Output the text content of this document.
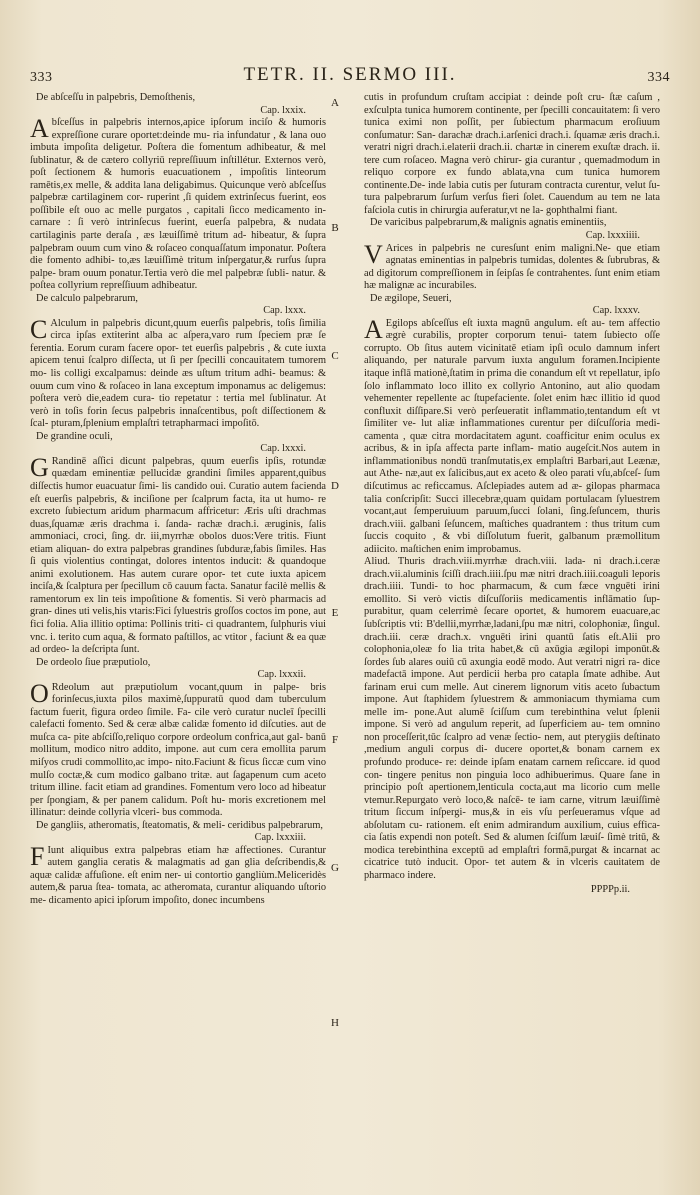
333	TETR. II. SERMO III.	334

De abſceſſu in palpebris, Demoſthenis,

Cap. lxxix.

Abſceſſus in palpebris internos,apice ipſorum inciſo & humoris expreſſione curare oportet:deinde mu- ria infundatur , & lana ouo imbuta impoſita deligetur. Poſtera die fomentum adhibeatur, & mel ſublinatur, & de cætero collyriū repreſſiuum inſtillétur. Externos verò, poſt ſectionem & humoris euacuationem , impoſitis linteorum ramētis,ex melle, & addita lana deligabimus. Quicunque verò abſceſſus palpebræ cartilaginem cor- ruperint ,ſi quidem extrinſecus fuerint, eos poſſibile eſt ouo ac melle purgatos , capitali ſicco medicamento in- carnare : ſi verò intrinſecus fuerint, euerſa palpebra, & nudata cartilaginis parte deraſa , æs læuiſſimè tritum ad- hibeatur, & ſupra palpebram ouum cum vino & roſaceo conquaſſatum imponatur. Poſtera die fomento adhibi- to,æs læuiſſimè tritum inſpergatur,& rurſus ſupra palpe- bram ouum ponatur.Tertia verò die mel palpebræ ſubli- natur. & poſtea collyrium repreſſiuum adhibeatur.

De calculo palpebrarum,

Cap. lxxx.

C Alculum in palpebris dicunt,quum euerſis palpebris, toſis ſimilia circa ipſas extiterint alba ac aſpera,varo rum ſpeciem præ ſe ferentia. Eorum curam facere opor- tet euerſis palpebris , & cute iuxta apicem tenui ſcalpro diſſecta, ut ſi per ſpecilli concauitatem tumorem mo- lis colligi excalpamus: deinde æs uſtum tritum adhi- beamus: & ouum cum vino & roſaceo in lana exceptum imponamus ac deligemus: poſtera verò die,eadem cura- tio repetatur : tertia mel ſublinatur. At verò in toſis forin ſecus palpebris innaſcentibus, poſt diſſectionem & ſcal- pturam,ſplenium emplaſtri tetrapharmaci impoſitō.

De grandine oculi,

Cap. lxxxi.

G Randinē aſſici dicunt palpebras, quum euerſis ipſis, rotundæ quædam eminentiæ pellucidæ grandini ſimiles apparent,quibus diſſectis humor euacuatur ſimi- lis candido oui. Curatio autem facienda eſt euerſis palpebris, & inciſione per ſcalprum facta, ita ut humo- re excreto ſubiectum aridum pharmacum affricetur: Æris uſti drachmas duas,ſquamæ æris drachma i. ſanda- rachæ drach.i. æruginis, ſalis ammoniaci, croci, ſing. dr. iii,myrrhæ obolos duos:Vere tritis. Fiunt etiam aliquan- do extra palpebras grandines ſubduræ,fabis ſimiles. Has ſi quis violentius contingat, dolores intentos inducit: & quandoque animi exolutionem. Has autem curare opor- tet cute iuxta apicem inciſa,& ſcalptura per ſpecillum cō cauum facta. Sanatur facilè mellis & ramentorum ex lin teis impoſitione & fomentis. Si verò pharmacis ad gran- dines uti velis,his vtaris:Fici ſyluestris groſſos coctos im pone, aut fici folia. Alia illitio optima: Pollinis triti- ci quadrantem, ſulphuris viui vnc. i. terito cum aqua, & formato paſtillos, ac vtitor , faciunt & ea quæ ad ordeo- la deſcripta ſunt.

De ordeolo ſiue præputiolo,

Cap. lxxxii.

O Rdeolum aut præputiolum vocant,quum in palpe- bris forinſecus,iuxta pilos maximè,ſuppuratū quod dam tuberculum factum fuerit, figura ordeo ſimile. Fa- cile verò curatur nucleī ſpecilli calefacti fomento. Sed & ceræ albæ calidæ fomento id diſcuties. aut de muſca ca- pite abſciſſo,reliquo corpore ordeolum confrica,aut gal- banū mollitum, modico nitro addito, impone. aut cum cera emollita parum miſyos crudi commollito,ac impo- nito.Faciunt & ficus ſiccæ cum vino mulſo coctæ,& cum modico galbano tritæ. aut ſagapenum cum aceto tritum illine. facit etiam ad grandines. Fomentum vero loco ad hibeatur per ſpongiam, & per panem calidum. Poſt hu- moris excretionem mel illinatur: deinde collyria vlceri- bus commoda.

De gangliis, atheromatis, ſteatomatis, & meli- ceridibus palpebrarum,

Cap. lxxxiii.

F Iunt aliquibus extra palpebras etiam hæ affectiones. Curantur autem ganglia ceratis & malagmatis ad gan glia deſcribendis,& aquæ calidæ affuſione. eſt enim ner- ui contortio gangliùm.Meliceridès autem,& parua ſtea- tomata, ac atheromata, curantur aliquando uſtorio me- dicamento apici ipſorum impoſito, donec incumbens

A
B
C
D
E
F
G
H

cutis in profundum cruſtam accipiat : deinde poſt cru- ſtæ caſum , exſculpta tunica humorem continente, per ſpecilli concauitatem: ſi vero tunica eximi non poſſit, per ſubiectum pharmacum eroſiuum conſumatur: San- darachæ drach.i.arſenici drach.i. ſquamæ æris drach.i. veratri nigri drach.i.elaterii drach.ii. chartæ in cinerem exuſtæ drach. ii. tere cum roſaceo. Magna verò chirur- gia curantur , quemadmodum in reliquo corpore ex fundo ablata,vna cum tunica humorem continente.De- inde labia cutis per ſuturam contracta curentur, velut ſu- tura palpebrarum ſurſum verſus fieri ſolet. Cauendum au tem ne lata faſciola cutis in chirurgia auferatur,vt ne la- gophthalmi fiant.

De varicibus palpebrarum,& malignis agnatis eminentiis,

Cap. lxxxiiii.

V Arices in palpebris ne curesſunt enim maligni.Ne- que etiam agnatas eminentias in palpebris tumidas, dolentes & ſubrubras, & ad digitorum compreſſionem in ſeipſas ſe contrahentes. ſunt enim etiam hæ malignæ ac incurabiles.

De ægilope, Seueri,

Cap. lxxxv.

A Egilops abſceſſus eſt iuxta magnū angulum. eſt au- tem affectio ægrè curabilis, propter corporum tenui- tatem ſubiecto oſſe corrupto. Ob ſitus autem vicinitatē etiam ipſi oculo damnum infert aliquando, per naturale parvum iuxta angulum foramen.Incipiente itaque inflā mationè,ſtatim in prima die conandum eſt vt repellatur, ipſo ſolo inflammato loco illito ex collyrio Antonino, aut alio quodam vehementer repellente ac ſtupefaciente. ſolet enim hæc illitio id quod confluxit diſſipare.Si verò perſeueratit inflammatio,tentandum eſt vt ſimiliter ve- lut aliæ inflammationes curentur per diſcuſſoria medi- camenta , quæ citra mordacitatem agunt. coafficitur enim oculus ex acribus, & in ipſa affecta parte inflam- matio augeſcit.Nos autem in inflammationibus nondū tranſmutatis,ex emplaſtri Barbari,aut Leænæ, aut Athe- næ,aut ex ſalicibus,aut ex aceto & oleo parati vſu,abſceſ- ſum diſcutimus ac reficcamus. Aſclepiades autem ad æ- gilopas pharmaca talia conſcripſit: Succi illecebræ,quam quidam portulacam ſyluestrem vocant,aut ſemperuiuum paruum,ſucci ſolani, ſing.ſeſuncem, thuris drach.viii. galbani ſeſuncem, maſtiches quadrantem : thus tritum cum ſuccis coquito , & vbi diſſolutum fuerit, galbanum præmollitum adiicito. maſtichen enim improbamus.

Aliud. Thuris drach.viii.myrrhæ drach.viii. lada- ni drach.i.ceræ drach.vii.aluminis ſciſſi drach.iiii.ſpu mæ nitri drach.iiii.coaguli leporis drach.iiii. Tundi- to hoc pharmacum, & cum fæce vnguēti irini emollito. Si verò victis diſcuſſoriis medicamentis inflāmatio ſup- purabitur, quam celerrimè ſecare oportet, & humorem euacuare,ac ſubſcriptis vti: B'dellii,myrrhæ,ladani,ſpu mæ nitri, colophoniæ, ſingul. drach.iii. ceræ drach.x. vnguēti irini quantū ſatis eſt.Alii pro colophonia,oleæ fo lia trita habet,& cū axūgia ægilopi imponūt.& ſordes ſub alares ouiū cū axungia eodē modo. Aut veratri nigri ra- dice madefactā impone. Aut perdicii herba pro catapla ſmate adhibe. Aut farinam erui cum melle. Aut cinerem lignorum vitis aceto ſubactum impone. Aut ſtaphidem ſyluestrem & ammoniacum thymiama cum melle im- pone.Aut alumē ſciſſum cum terebinthina velut ſplenii impone. Si verò ad angulum reperit, ad ſuperficiem au- tem omnino non proceſſerit,tūc ſcalpro ad venæ ſectio- nem, aut pterygiis deſtinato ,medium anguli corpus di- ducere oportet,& bonam carnem ex profundo produce- re: deinde ipſam enatam carnem reſiccare. id quod con- tingere penitus non pinguia loco adhibuerimus. Quare ſane in principio poſt apertionem,lenticula cocta,aut ma licorio cum melle vtemur.Repurgato verò loco,& naſcē- te iam carne, vitrum læuiſſimè tritum ſiccum inſpergi- mus,& in eis vſu perſeueramus vſque ad abſolutam cu- rationem. eſt enim admirandum auxilium, cuius effica- cia ſatis expendi non poteſt. Sed & alumen ſciſſum læuiſ- ſimè tritū, & modica terebinthina exceptū ad emplaſtri formā,purgat & incarnat ac cicatrice tutò inducit. Opor- tet autem & in vlceris cauitatem de pharmaco indere.

PPPPp.ii.
